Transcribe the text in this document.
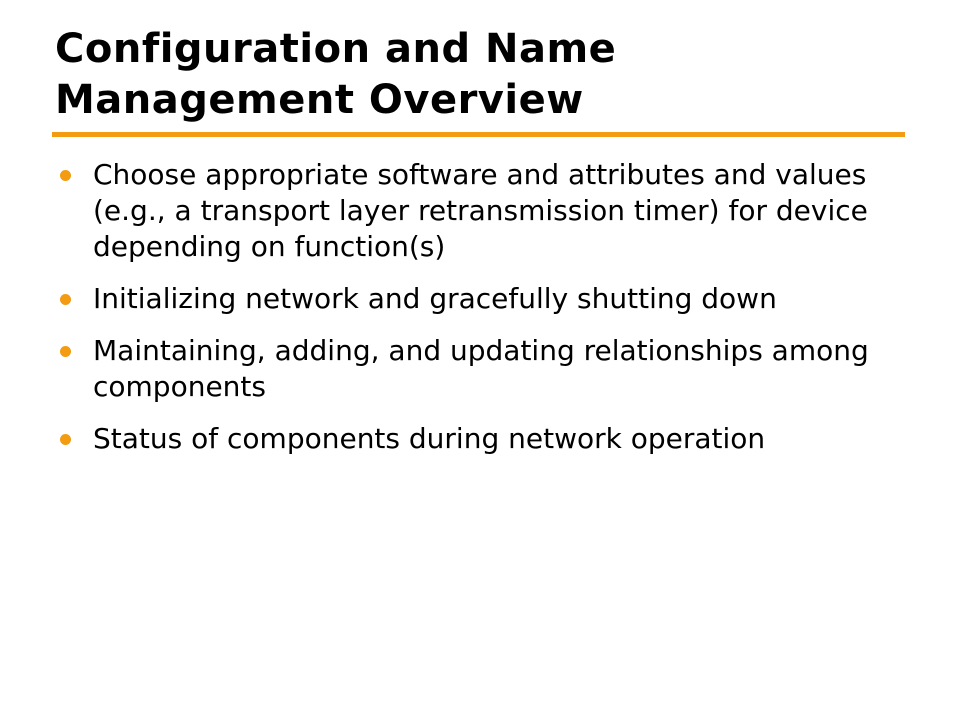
Configuration and Name Management Overview
Choose appropriate software and attributes and values (e.g., a transport layer retransmission timer) for device depending on function(s)
Initializing network and gracefully shutting down
Maintaining, adding, and updating relationships among components
Status of components during network operation
